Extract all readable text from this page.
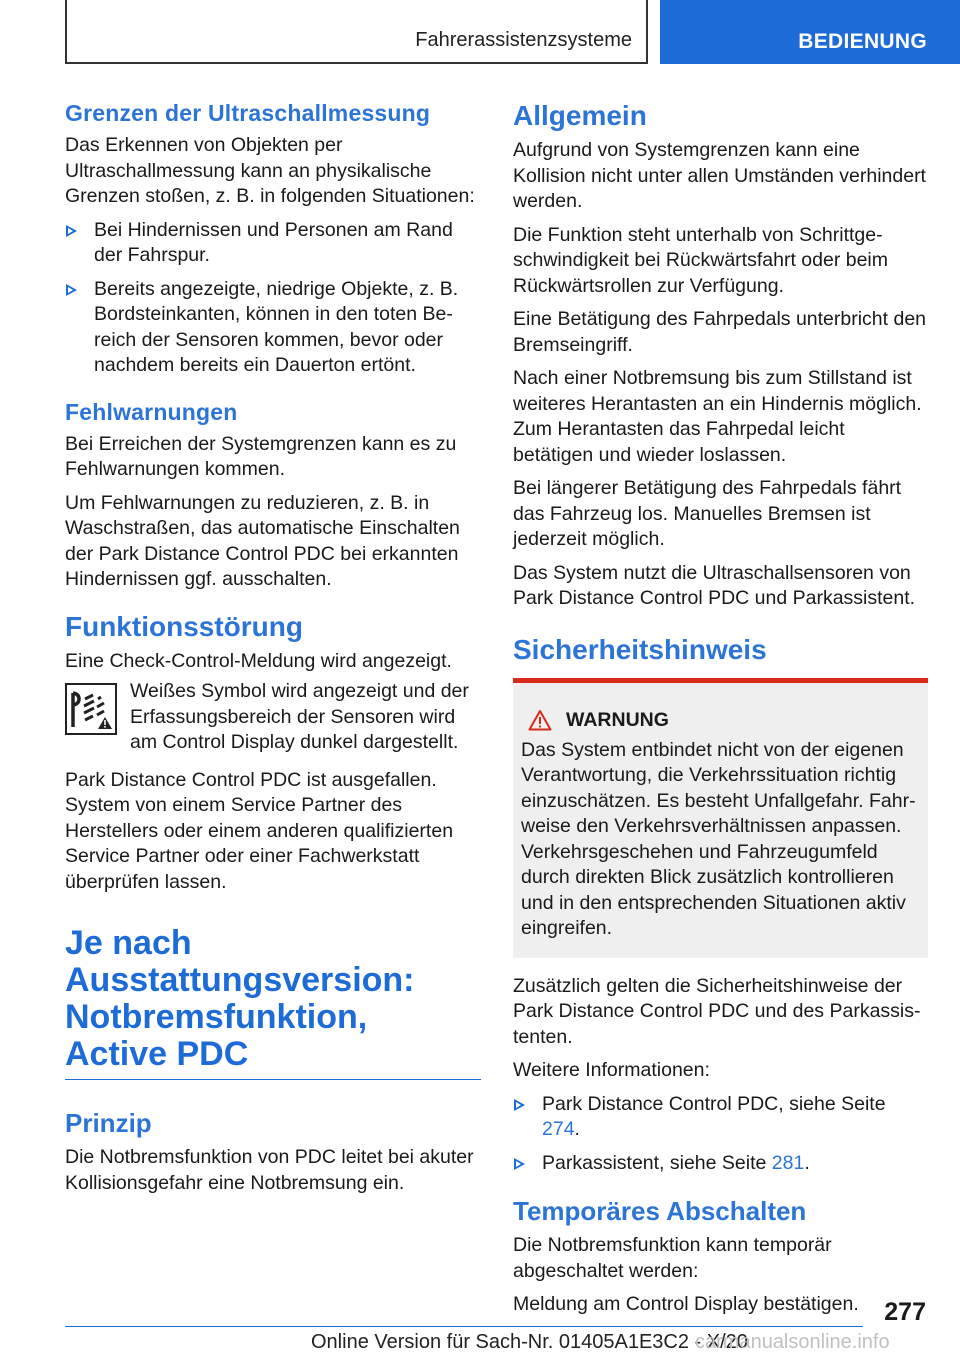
Fahrerassistenzsysteme	BEDIENUNG
Grenzen der Ultraschallmessung

Das Erkennen von Objekten per Ultraschallmessung kann an physikalische Grenzen stoßen, z. B. in folgenden Situationen:

Bei Hindernissen und Personen am Rand der Fahrspur.
Bereits angezeigte, niedrige Objekte, z. B. Bordsteinkanten, können in den toten Bereich der Sensoren kommen, bevor oder nachdem bereits ein Dauerton ertönt.
Fehlwarnungen

Bei Erreichen der Systemgrenzen kann es zu Fehlwarnungen kommen.

Um Fehlwarnungen zu reduzieren, z. B. in Waschstraßen, das automatische Einschalten der Park Distance Control PDC bei erkannten Hindernissen ggf. ausschalten.

Funktionsstörung

Eine Check-Control-Meldung wird angezeigt.

Weißes Symbol wird angezeigt und der Erfassungsbereich der Sensoren wird am Control Display dunkel dargestellt.

Park Distance Control PDC ist ausgefallen. System von einem Service Partner des Herstellers oder einem anderen qualifizierten Service Partner oder einer Fachwerkstatt überprüfen lassen.

Je nach
Ausstattungsversion:
Notbremsfunktion,
Active PDC
Prinzip

Die Notbremsfunktion von PDC leitet bei akuter Kollisionsgefahr eine Notbremsung ein.

Allgemein

Aufgrund von Systemgrenzen kann eine Kollision nicht unter allen Umständen verhindert werden.

Die Funktion steht unterhalb von Schrittgeschwindigkeit bei Rückwärtsfahrt oder beim Rückwärtsrollen zur Verfügung.

Eine Betätigung des Fahrpedals unterbricht den Bremseingriff.

Nach einer Notbremsung bis zum Stillstand ist weiteres Herantasten an ein Hindernis möglich. Zum Herantasten das Fahrpedal leicht betätigen und wieder loslassen.

Bei längerer Betätigung des Fahrpedals fährt das Fahrzeug los. Manuelles Bremsen ist jederzeit möglich.

Das System nutzt die Ultraschallsensoren von Park Distance Control PDC und Parkassistent.

Sicherheitshinweis
WARNUNG

Das System entbindet nicht von der eigenen Verantwortung, die Verkehrssituation richtig einzuschätzen. Es besteht Unfallgefahr. Fahrweise den Verkehrsverhältnissen anpassen. Verkehrsgeschehen und Fahrzeugumfeld durch direkten Blick zusätzlich kontrollieren und in den entsprechenden Situationen aktiv eingreifen.

Zusätzlich gelten die Sicherheitshinweise der Park Distance Control PDC und des Parkassistenten.

Weitere Informationen:

Park Distance Control PDC, siehe Seite 274.
Parkassistent, siehe Seite 281.
Temporäres Abschalten

Die Notbremsfunktion kann temporär abgeschaltet werden:

Meldung am Control Display bestätigen.	277
Online Version für Sach-Nr. 01405A1E3C2 - X/20
carmanualsonline.info
